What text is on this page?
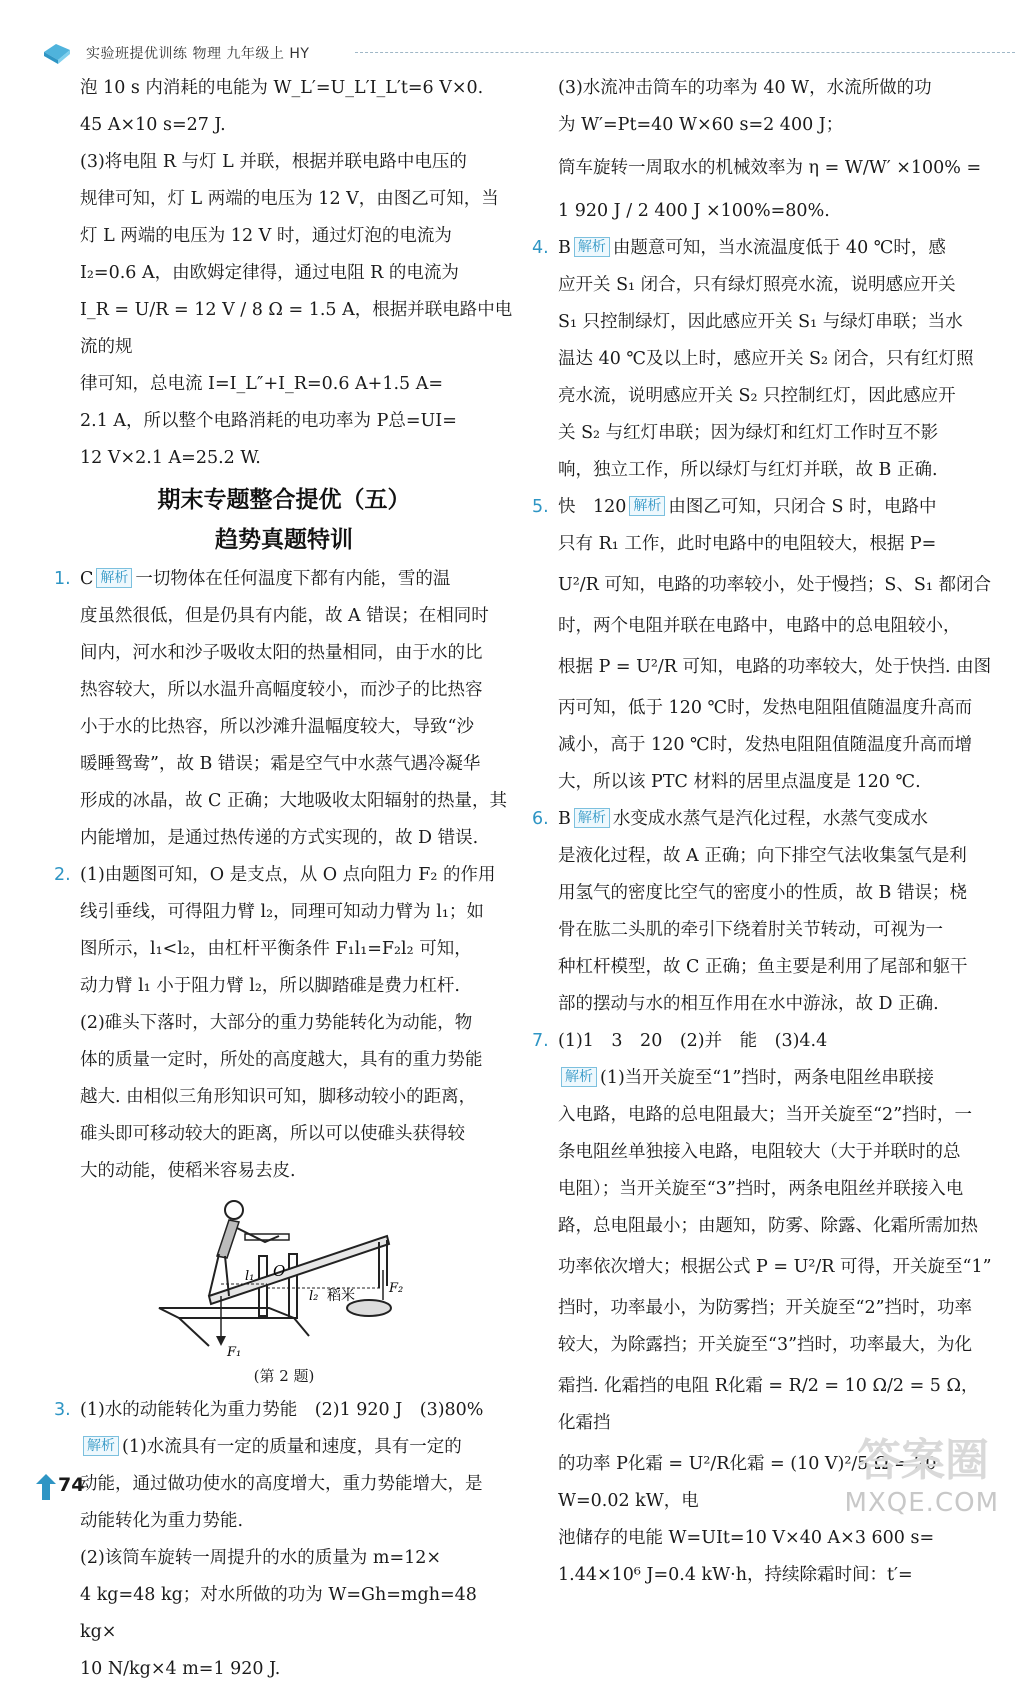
实验班提优训练 物理 九年级上 HY

泡 10 s 内消耗的电能为 W_L′=U_L′I_L′t=6 V×0.

45 A×10 s=27 J.

(3)将电阻 R 与灯 L 并联，根据并联电路中电压的

规律可知，灯 L 两端的电压为 12 V，由图乙可知，当

灯 L 两端的电压为 12 V 时，通过灯泡的电流为

I₂=0.6 A，由欧姆定律得，通过电阻 R 的电流为

I_R = U/R = 12 V / 8 Ω = 1.5 A，根据并联电路中电流的规

律可知，总电流 I=I_L″+I_R=0.6 A+1.5 A=

2.1 A，所以整个电路消耗的电功率为 P总=UI=

12 V×2.1 A=25.2 W.

期末专题整合提优（五）
趋势真题特训

1. C 解析 一切物体在任何温度下都有内能，雪的温

度虽然很低，但是仍具有内能，故 A 错误；在相同时

间内，河水和沙子吸收太阳的热量相同，由于水的比

热容较大，所以水温升高幅度较小，而沙子的比热容

小于水的比热容，所以沙滩升温幅度较大，导致“沙

暖睡鸳鸯”，故 B 错误；霜是空气中水蒸气遇冷凝华

形成的冰晶，故 C 正确；大地吸收太阳辐射的热量，其

内能增加，是通过热传递的方式实现的，故 D 错误.

2. (1)由题图可知，O 是支点，从 O 点向阻力 F₂ 的作用

线引垂线，可得阻力臂 l₂，同理可知动力臂为 l₁；如

图所示，l₁<l₂，由杠杆平衡条件 F₁l₁=F₂l₂ 可知，

动力臂 l₁ 小于阻力臂 l₂，所以脚踏碓是费力杠杆.

(2)碓头下落时，大部分的重力势能转化为动能，物

体的质量一定时，所处的高度越大，具有的重力势能

越大. 由相似三角形知识可知，脚移动较小的距离，

碓头即可移动较大的距离，所以可以使碓头获得较

大的动能，使稻米容易去皮.

O
l₁
l₂ 稻米
F₁
F₂
(第 2 题)

3. (1)水的动能转化为重力势能　(2)1 920 J　(3)80%

解析 (1)水流具有一定的质量和速度，具有一定的

动能，通过做功使水的高度增大，重力势能增大，是

动能转化为重力势能.

(2)该筒车旋转一周提升的水的质量为 m=12×

4 kg=48 kg；对水所做的功为 W=Gh=mgh=48 kg×

10 N/kg×4 m=1 920 J.

(3)水流冲击筒车的功率为 40 W，水流所做的功

为 W′=Pt=40 W×60 s=2 400 J；

筒车旋转一周取水的机械效率为 η = W/W′ ×100% =

1 920 J / 2 400 J ×100%=80%.

4. B 解析 由题意可知，当水流温度低于 40 ℃时，感

应开关 S₁ 闭合，只有绿灯照亮水流，说明感应开关

S₁ 只控制绿灯，因此感应开关 S₁ 与绿灯串联；当水

温达 40 ℃及以上时，感应开关 S₂ 闭合，只有红灯照

亮水流，说明感应开关 S₂ 只控制红灯，因此感应开

关 S₂ 与红灯串联；因为绿灯和红灯工作时互不影

响，独立工作，所以绿灯与红灯并联，故 B 正确.

5. 快　120 解析 由图乙可知，只闭合 S 时，电路中

只有 R₁ 工作，此时电路中的电阻较大，根据 P=

U²/R 可知，电路的功率较小，处于慢挡；S、S₁ 都闭合

时，两个电阻并联在电路中，电路中的总电阻较小，

根据 P = U²/R 可知，电路的功率较大，处于快挡. 由图

丙可知，低于 120 ℃时，发热电阻阻值随温度升高而

减小，高于 120 ℃时，发热电阻阻值随温度升高而增

大，所以该 PTC 材料的居里点温度是 120 ℃.

6. B 解析 水变成水蒸气是汽化过程，水蒸气变成水

是液化过程，故 A 正确；向下排空气法收集氢气是利

用氢气的密度比空气的密度小的性质，故 B 错误；桡

骨在肱二头肌的牵引下绕着肘关节转动，可视为一

种杠杆模型，故 C 正确；鱼主要是利用了尾部和躯干

部的摆动与水的相互作用在水中游泳，故 D 正确.

7. (1)1　3　20　(2)并　能　(3)4.4

解析 (1)当开关旋至“1”挡时，两条电阻丝串联接

入电路，电路的总电阻最大；当开关旋至“2”挡时，一

条电阻丝单独接入电路，电阻较大（大于并联时的总

电阻）；当开关旋至“3”挡时，两条电阻丝并联接入电

路，总电阻最小；由题知，防雾、除露、化霜所需加热

功率依次增大；根据公式 P = U²/R 可得，开关旋至“1”

挡时，功率最小，为防雾挡；开关旋至“2”挡时，功率

较大，为除露挡；开关旋至“3”挡时，功率最大，为化

霜挡. 化霜挡的电阻 R化霜 = R/2 = 10 Ω/2 = 5 Ω，化霜挡

的功率 P化霜 = U²/R化霜 = (10 V)²/5 Ω = 20 W=0.02 kW，电

池储存的电能 W=UIt=10 V×40 A×3 600 s=

1.44×10⁶ J=0.4 kW·h，持续除霜时间：t′=

74	答案圈
MXQE.COM
